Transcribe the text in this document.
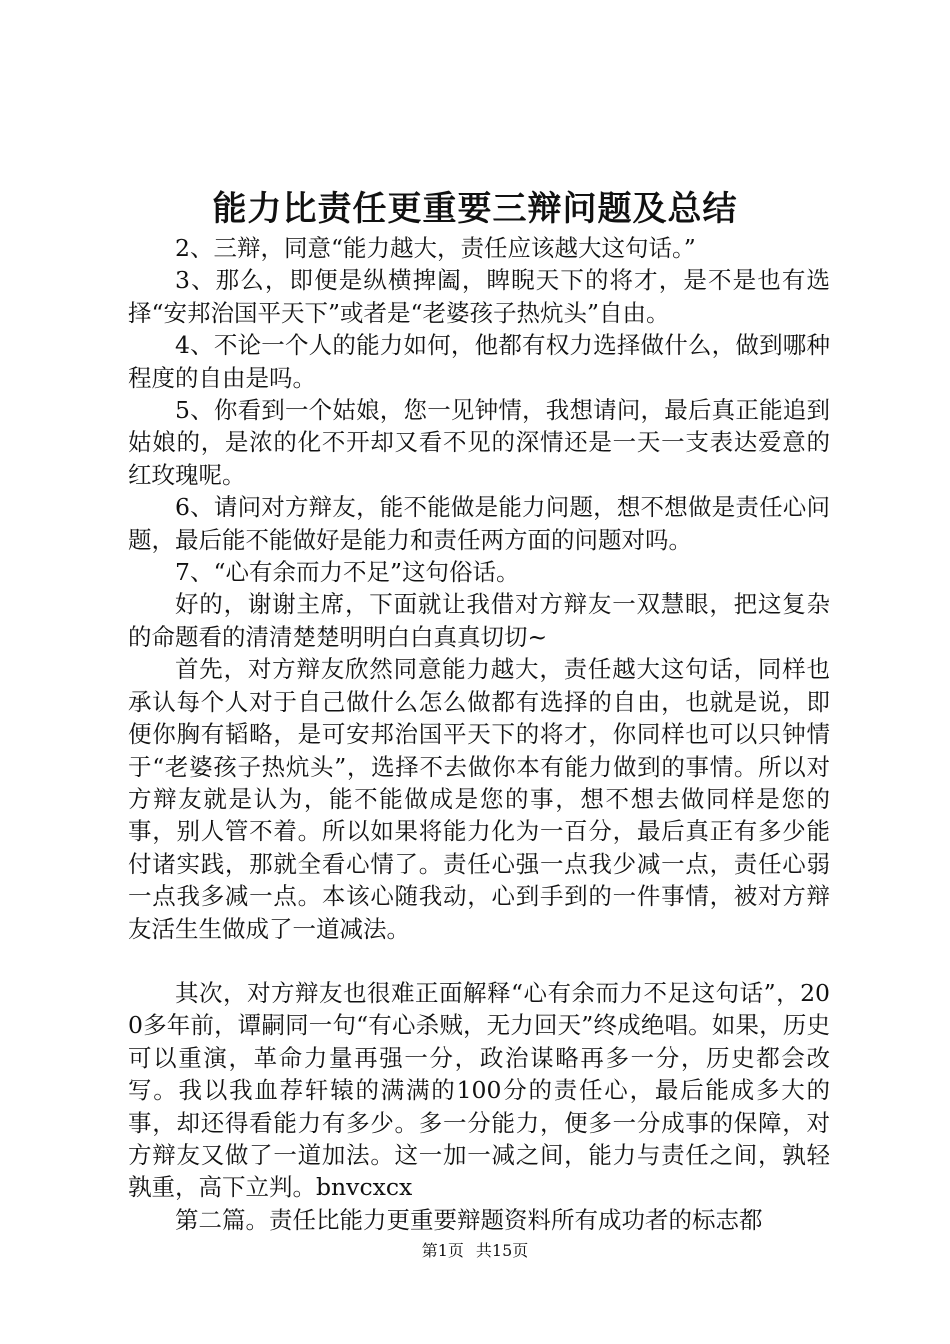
能力比责任更重要三辩问题及总结

2、三辩，同意“能力越大，责任应该越大这句话。”

3、那么，即便是纵横捭阖，睥睨天下的将才，是不是也有选择“安邦治国平天下”或者是“老婆孩子热炕头”自由。

4、不论一个人的能力如何，他都有权力选择做什么，做到哪种程度的自由是吗。

5、你看到一个姑娘，您一见钟情，我想请问，最后真正能追到姑娘的，是浓的化不开却又看不见的深情还是一天一支表达爱意的红玫瑰呢。

6、请问对方辩友，能不能做是能力问题，想不想做是责任心问题，最后能不能做好是能力和责任两方面的问题对吗。

7、“心有余而力不足”这句俗话。

好的，谢谢主席，下面就让我借对方辩友一双慧眼，把这复杂的命题看的清清楚楚明明白白真真切切~

首先，对方辩友欣然同意能力越大，责任越大这句话，同样也承认每个人对于自己做什么怎么做都有选择的自由，也就是说，即便你胸有韬略，是可安邦治国平天下的将才，你同样也可以只钟情于“老婆孩子热炕头”，选择不去做你本有能力做到的事情。所以对方辩友就是认为，能不能做成是您的事，想不想去做同样是您的事，别人管不着。所以如果将能力化为一百分，最后真正有多少能付诸实践，那就全看心情了。责任心强一点我少减一点，责任心弱一点我多减一点。本该心随我动，心到手到的一件事情，被对方辩友活生生做成了一道减法。

其次，对方辩友也很难正面解释“心有余而力不足这句话”，200多年前，谭嗣同一句“有心杀贼，无力回天”终成绝唱。如果，历史可以重演，革命力量再强一分，政治谋略再多一分，历史都会改写。我以我血荐轩辕的满满的100分的责任心，最后能成多大的事，却还得看能力有多少。多一分能力，便多一分成事的保障，对方辩友又做了一道加法。这一加一减之间，能力与责任之间，孰轻孰重，高下立判。bnvcxcx

第二篇。责任比能力更重要辩题资料所有成功者的标志都

第1页 共15页
